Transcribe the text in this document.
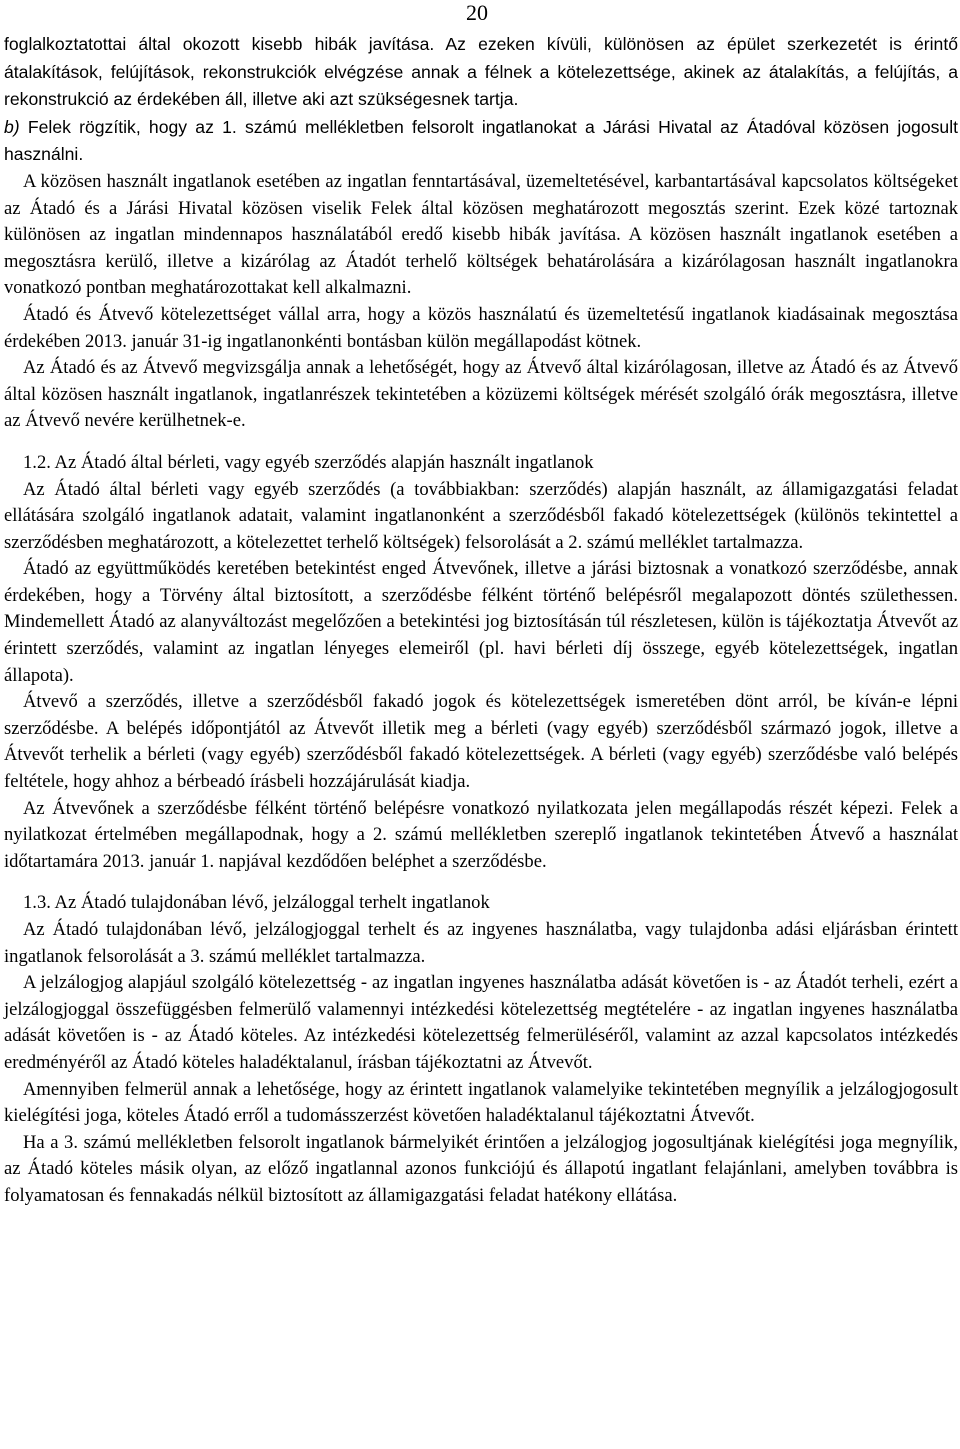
20

foglalkoztatottai által okozott kisebb hibák javítása. Az ezeken kívüli, különösen az épület szerkezetét is érintő átalakítások, felújítások, rekonstrukciók elvégzése annak a félnek a kötelezettsége, akinek az átalakítás, a felújítás, a rekonstrukció az érdekében áll, illetve aki azt szükségesnek tartja.

b) Felek rögzítik, hogy az 1. számú mellékletben felsorolt ingatlanokat a Járási Hivatal az Átadóval közösen jogosult használni.

A közösen használt ingatlanok esetében az ingatlan fenntartásával, üzemeltetésével, karbantartásával kapcsolatos költségeket az Átadó és a Járási Hivatal közösen viselik Felek által közösen meghatározott megosztás szerint. Ezek közé tartoznak különösen az ingatlan mindennapos használatából eredő kisebb hibák javítása. A közösen használt ingatlanok esetében a megosztásra kerülő, illetve a kizárólag az Átadót terhelő költségek behatárolására a kizárólagosan használt ingatlanokra vonatkozó pontban meghatározottakat kell alkalmazni.

Átadó és Átvevő kötelezettséget vállal arra, hogy a közös használatú és üzemeltetésű ingatlanok kiadásainak megosztása érdekében 2013. január 31-ig ingatlanonkénti bontásban külön megállapodást kötnek.

Az Átadó és az Átvevő megvizsgálja annak a lehetőségét, hogy az Átvevő által kizárólagosan, illetve az Átadó és az Átvevő által közösen használt ingatlanok, ingatlanrészek tekintetében a közüzemi költségek mérését szolgáló órák megosztásra, illetve az Átvevő nevére kerülhetnek-e.

1.2. Az Átadó által bérleti, vagy egyéb szerződés alapján használt ingatlanok

Az Átadó által bérleti vagy egyéb szerződés (a továbbiakban: szerződés) alapján használt, az államigazgatási feladat ellátására szolgáló ingatlanok adatait, valamint ingatlanonként a szerződésből fakadó kötelezettségek (különös tekintettel a szerződésben meghatározott, a kötelezettet terhelő költségek) felsorolását a 2. számú melléklet tartalmazza.

Átadó az együttműködés keretében betekintést enged Átvevőnek, illetve a járási biztosnak a vonatkozó szerződésbe, annak érdekében, hogy a Törvény által biztosított, a szerződésbe félként történő belépésről megalapozott döntés születhessen. Mindemellett Átadó az alanyváltozást megelőzően a betekintési jog biztosításán túl részletesen, külön is tájékoztatja Átvevőt az érintett szerződés, valamint az ingatlan lényeges elemeiről (pl. havi bérleti díj összege, egyéb kötelezettségek, ingatlan állapota).

Átvevő a szerződés, illetve a szerződésből fakadó jogok és kötelezettségek ismeretében dönt arról, be kíván-e lépni szerződésbe. A belépés időpontjától az Átvevőt illetik meg a bérleti (vagy egyéb) szerződésből származó jogok, illetve a Átvevőt terhelik a bérleti (vagy egyéb) szerződésből fakadó kötelezettségek. A bérleti (vagy egyéb) szerződésbe való belépés feltétele, hogy ahhoz a bérbeadó írásbeli hozzájárulását kiadja.

Az Átvevőnek a szerződésbe félként történő belépésre vonatkozó nyilatkozata jelen megállapodás részét képezi. Felek a nyilatkozat értelmében megállapodnak, hogy a 2. számú mellékletben szereplő ingatlanok tekintetében Átvevő a használat időtartamára 2013. január 1. napjával kezdődően beléphet a szerződésbe.

1.3. Az Átadó tulajdonában lévő, jelzáloggal terhelt ingatlanok

Az Átadó tulajdonában lévő, jelzálogjoggal terhelt és az ingyenes használatba, vagy tulajdonba adási eljárásban érintett ingatlanok felsorolását a 3. számú melléklet tartalmazza.

A jelzálogjog alapjául szolgáló kötelezettség - az ingatlan ingyenes használatba adását követően is - az Átadót terheli, ezért a jelzálogjoggal összefüggésben felmerülő valamennyi intézkedési kötelezettség megtételére - az ingatlan ingyenes használatba adását követően is - az Átadó köteles. Az intézkedési kötelezettség felmerüléséről, valamint az azzal kapcsolatos intézkedés eredményéről az Átadó köteles haladéktalanul, írásban tájékoztatni az Átvevőt.

Amennyiben felmerül annak a lehetősége, hogy az érintett ingatlanok valamelyike tekintetében megnyílik a jelzálogjogosult kielégítési joga, köteles Átadó erről a tudomásszerzést követően haladéktalanul tájékoztatni Átvevőt.

Ha a 3. számú mellékletben felsorolt ingatlanok bármelyikét érintően a jelzálogjog jogosultjának kielégítési joga megnyílik, az Átadó köteles másik olyan, az előző ingatlannal azonos funkciójú és állapotú ingatlant felajánlani, amelyben továbbra is folyamatosan és fennakadás nélkül biztosított az államigazgatási feladat hatékony ellátása.
